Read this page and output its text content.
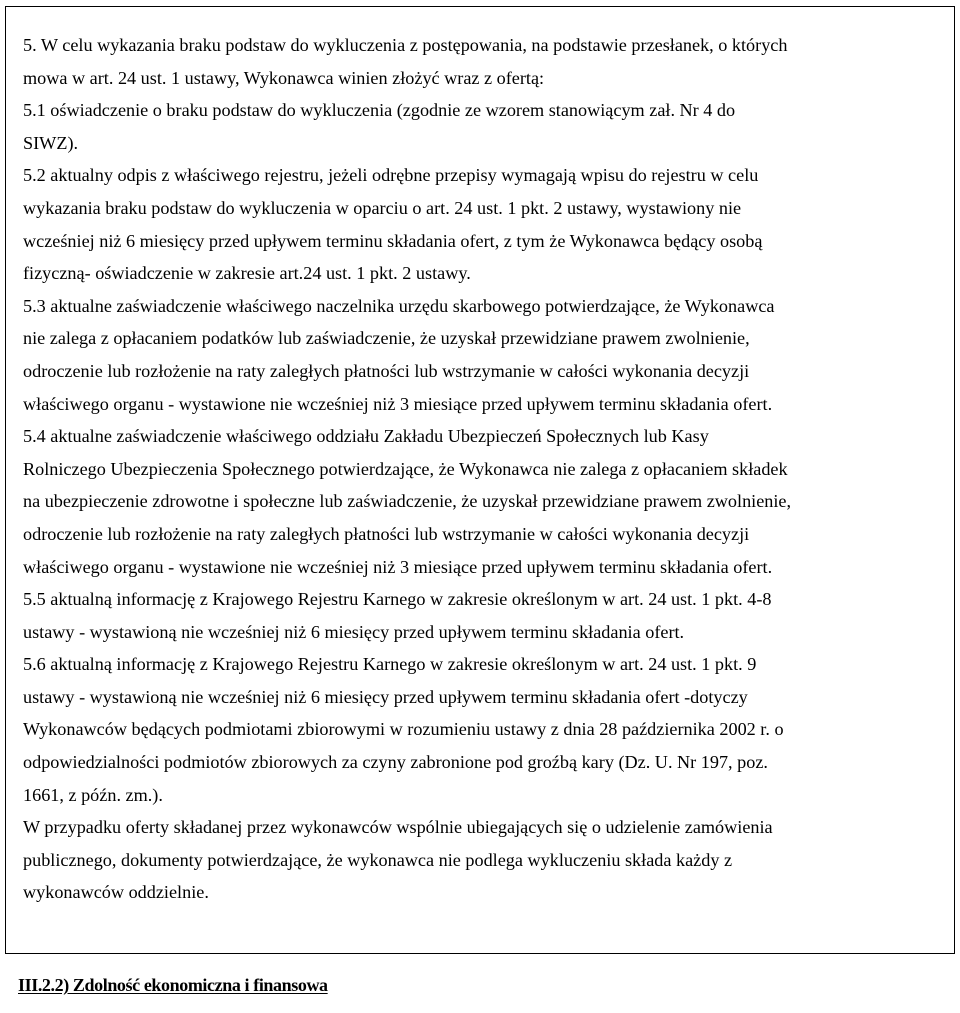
5. W celu wykazania braku podstaw do wykluczenia z postępowania, na podstawie przesłanek, o których

mowa w art. 24 ust. 1 ustawy, Wykonawca winien złożyć wraz z ofertą:

5.1 oświadczenie o braku podstaw do wykluczenia (zgodnie ze wzorem stanowiącym zał. Nr 4 do

SIWZ).

5.2 aktualny odpis z właściwego rejestru, jeżeli odrębne przepisy wymagają wpisu do rejestru w celu

wykazania braku podstaw do wykluczenia w oparciu o art. 24 ust. 1 pkt. 2 ustawy, wystawiony nie

wcześniej niż 6 miesięcy przed upływem terminu składania ofert, z tym że Wykonawca będący osobą

fizyczną- oświadczenie w zakresie art.24 ust. 1 pkt. 2 ustawy.

5.3 aktualne zaświadczenie właściwego naczelnika urzędu skarbowego potwierdzające, że Wykonawca

nie zalega z opłacaniem podatków lub zaświadczenie, że uzyskał przewidziane prawem zwolnienie,

odroczenie lub rozłożenie na raty zaległych płatności lub wstrzymanie w całości wykonania decyzji

właściwego organu - wystawione nie wcześniej niż 3 miesiące przed upływem terminu składania ofert.

5.4 aktualne zaświadczenie właściwego oddziału Zakładu Ubezpieczeń Społecznych lub Kasy

Rolniczego Ubezpieczenia Społecznego potwierdzające, że Wykonawca nie zalega z opłacaniem składek

na ubezpieczenie zdrowotne i społeczne lub zaświadczenie, że uzyskał przewidziane prawem zwolnienie,

odroczenie lub rozłożenie na raty zaległych płatności lub wstrzymanie w całości wykonania decyzji

właściwego organu - wystawione nie wcześniej niż 3 miesiące przed upływem terminu składania ofert.

5.5 aktualną informację z Krajowego Rejestru Karnego w zakresie określonym w art. 24 ust. 1 pkt. 4-8

ustawy - wystawioną nie wcześniej niż 6 miesięcy przed upływem terminu składania ofert.

5.6 aktualną informację z Krajowego Rejestru Karnego w zakresie określonym w art. 24 ust. 1 pkt. 9

ustawy - wystawioną nie wcześniej niż 6 miesięcy przed upływem terminu składania ofert -dotyczy

Wykonawców będących podmiotami zbiorowymi w rozumieniu ustawy z dnia 28 października 2002 r. o

odpowiedzialności podmiotów zbiorowych za czyny zabronione pod groźbą kary (Dz. U. Nr 197, poz.

1661, z późn. zm.).

W przypadku oferty składanej przez wykonawców wspólnie ubiegających się o udzielenie zamówienia

publicznego, dokumenty potwierdzające, że wykonawca nie podlega wykluczeniu składa każdy z

wykonawców oddzielnie.

III.2.2) Zdolność ekonomiczna i finansowa
